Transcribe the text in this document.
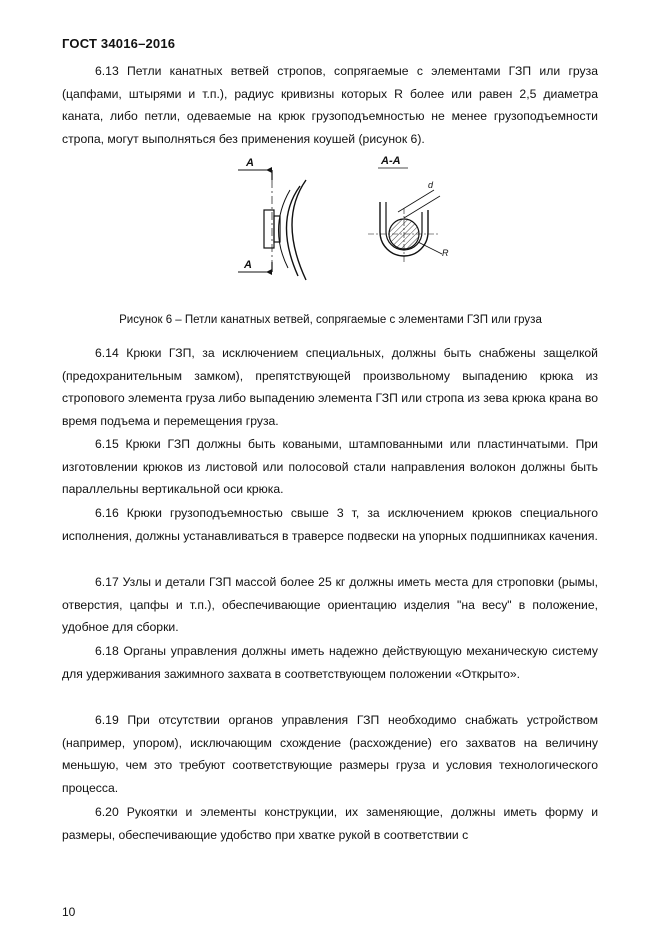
ГОСТ 34016–2016

6.13 Петли канатных ветвей стропов, сопрягаемые с элементами ГЗП или груза (цапфами, штырями и т.п.), радиус кривизны которых R более или равен 2,5 диаметра каната, либо петли, одеваемые на крюк грузоподъемностью не менее грузоподъемности стропа, могут выполняться без применения коушей (рисунок 6).

A
A
A-A
d
R
Рисунок 6 – Петли канатных ветвей, сопрягаемые с элементами ГЗП или груза

6.14 Крюки ГЗП, за исключением специальных, должны быть снабжены защелкой (предохранительным замком), препятствующей произвольному выпадению крюка из стропового элемента груза либо выпадению элемента ГЗП или стропа из зева крюка крана во время подъема и перемещения груза.

6.15 Крюки ГЗП должны быть коваными, штампованными или пластинчатыми. При изготовлении крюков из листовой или полосовой стали направления волокон должны быть параллельны вертикальной оси крюка.

6.16 Крюки грузоподъемностью свыше 3 т, за исключением крюков специального исполнения, должны устанавливаться в траверсе подвески на упорных подшипниках качения.

6.17 Узлы и детали ГЗП массой более 25 кг должны иметь места для строповки (рымы, отверстия, цапфы и т.п.), обеспечивающие ориентацию изделия "на весу" в положение, удобное для сборки.

6.18 Органы управления должны иметь надежно действующую механическую систему для удерживания зажимного захвата в соответствующем положении «Открыто».

6.19 При отсутствии органов управления ГЗП необходимо снабжать устройством (например, упором), исключающим схождение (расхождение) его захватов на величину меньшую, чем это требуют соответствующие размеры груза и условия технологического процесса.

6.20 Рукоятки и элементы конструкции, их заменяющие, должны иметь форму и размеры, обеспечивающие удобство при хватке рукой в соответствии с

10
